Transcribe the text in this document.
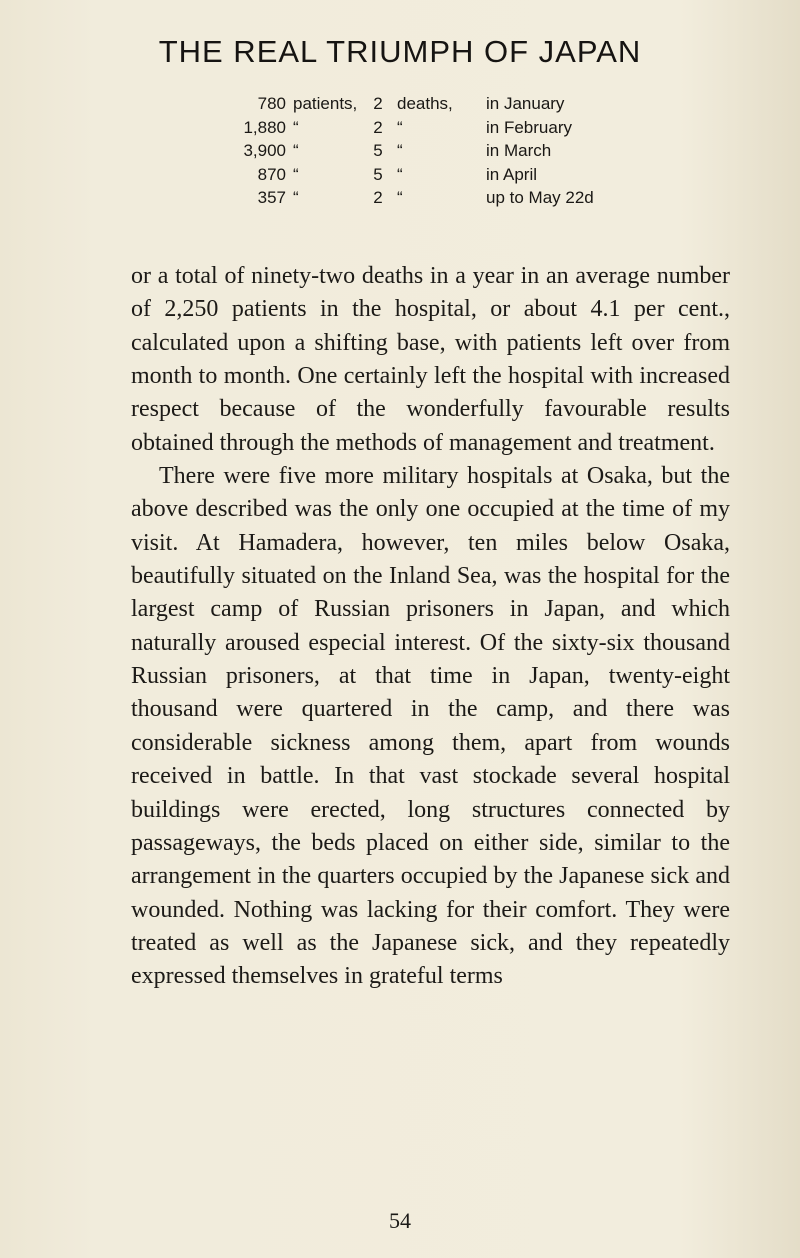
THE REAL TRIUMPH OF JAPAN
780 patients, 2 deaths, in January
1,880 “	2 “	in February
3,900 “	5 “	in March
870 “	5 “	in April
357 “	2 “	up to May 22d

or a total of ninety-two deaths in a year in an average number of 2,250 patients in the hospital, or about 4.1 per cent., calculated upon a shifting base, with patients left over from month to month. One certainly left the hospital with increased respect because of the wonderfully favourable results obtained through the methods of management and treatment.

There were five more military hospitals at Osaka, but the above described was the only one occupied at the time of my visit. At Hamadera, however, ten miles below Osaka, beautifully situated on the Inland Sea, was the hospital for the largest camp of Russian prisoners in Japan, and which naturally aroused especial interest. Of the sixty-six thousand Russian prisoners, at that time in Japan, twenty-eight thousand were quartered in the camp, and there was considerable sickness among them, apart from wounds received in battle. In that vast stockade several hospital buildings were erected, long structures connected by passageways, the beds placed on either side, similar to the arrangement in the quarters occupied by the Japanese sick and wounded. Nothing was lacking for their comfort. They were treated as well as the Japanese sick, and they repeatedly expressed themselves in grateful terms

54
